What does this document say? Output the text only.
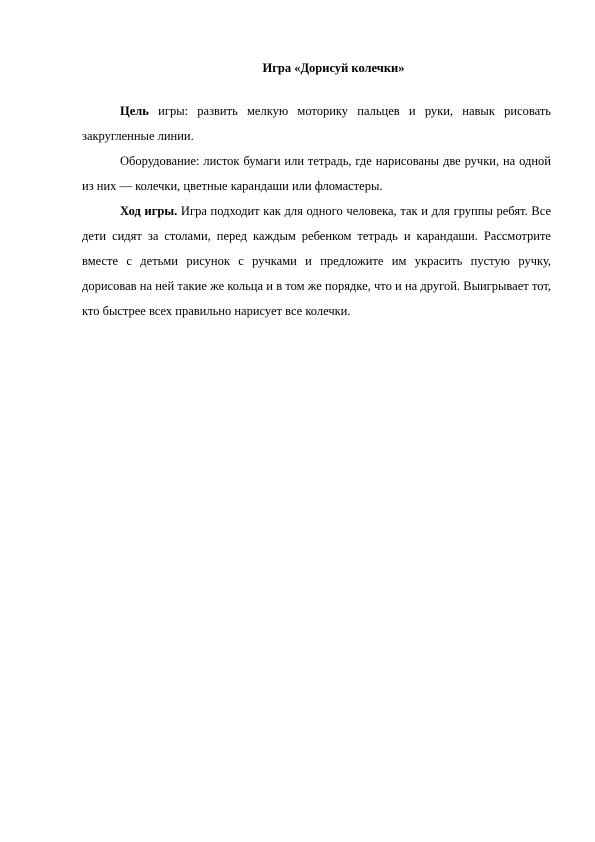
Игра «Дорисуй колечки»

Цель игры: развить мелкую моторику пальцев и руки, навык рисовать закругленные линии.

Оборудование: листок бумаги или тетрадь, где нарисованы две ручки, на одной из них — колечки, цветные карандаши или фломастеры.

Ход игры. Игра подходит как для одного человека, так и для группы ребят. Все дети сидят за столами, перед каждым ребенком тетрадь и карандаши. Рассмотрите вместе с детьми рисунок с ручками и предложите им украсить пустую ручку, дорисовав на ней такие же кольца и в том же порядке, что и на другой. Выигрывает тот, кто быстрее всех правильно нарисует все колечки.
